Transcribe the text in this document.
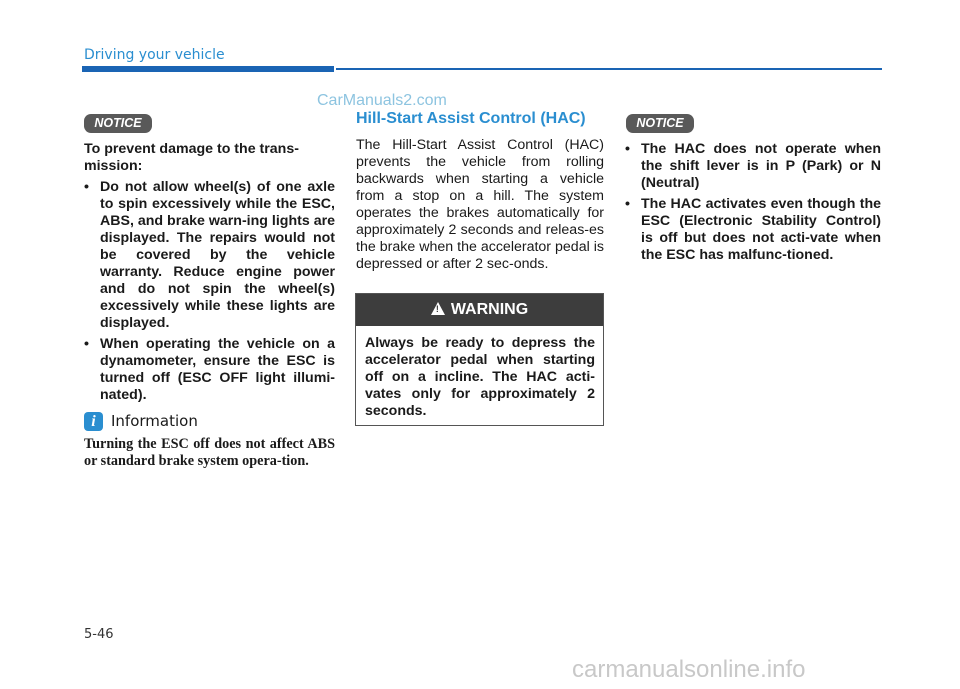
Driving your vehicle
CarManuals2.com
NOTICE

To prevent damage to the trans-mission:

• Do not allow wheel(s) of one axle to spin excessively while the ESC, ABS, and brake warn-ing lights are displayed. The repairs would not be covered by the vehicle warranty. Reduce engine power and do not spin the wheel(s) excessively while these lights are displayed.
• When operating the vehicle on a dynamometer, ensure the ESC is turned off (ESC OFF light illumi-nated).
i	Information
Turning the ESC off does not affect ABS or standard brake system opera-tion.
Hill-Start Assist Control (HAC)
The Hill-Start Assist Control (HAC) prevents the vehicle from rolling backwards when starting a vehicle from a stop on a hill. The system operates the brakes automatically for approximately 2 seconds and releas-es the brake when the accelerator pedal is depressed or after 2 sec-onds.
!WARNING
Always be ready to depress the accelerator pedal when starting off on a incline. The HAC acti-vates only for approximately 2 seconds.
NOTICE
• The HAC does not operate when the shift lever is in P (Park) or N (Neutral)
• The HAC activates even though the ESC (Electronic Stability Control) is off but does not acti-vate when the ESC has malfunc-tioned.
5-46
carmanualsonline.info
